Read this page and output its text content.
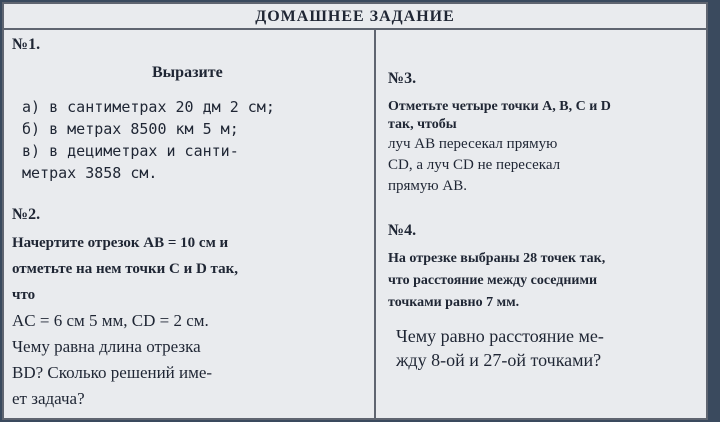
ДОМАШНЕЕ ЗАДАНИЕ
№1.
Выразите
а) в сантиметрах 20 дм 2 см;
б) в метрах 8500 км 5 м;
в) в дециметрах и санти-
метрах 3858 см.
№2.
Начертите отрезок AB = 10 см и
отметьте на нем точки C и D так,
что
AC = 6 см 5 мм, CD = 2 см.
Чему равна длина отрезка
BD? Сколько решений име-
ет задача?
№3.
Отметьте четыре точки A, B, C и D
так, чтобы
луч AB пересекал прямую
CD, а луч CD не пересекал
прямую AB.
№4.
На отрезке выбраны 28 точек так,
что расстояние между соседними
точками равно 7 мм.
Чему равно расстояние ме-
жду 8-ой и 27-ой точками?
